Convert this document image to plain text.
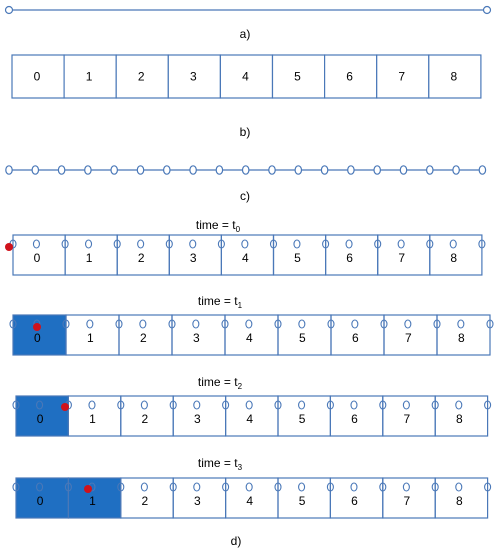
a)
0	1	2	3	4	5	6	7	8
b)
c)
time = $t_0$
0	1	2	3	4	5	6	7	8
time = $t_1$
0	1	2	3	4	5	6	7	8
time = $t_2$
0	1	2	3	4	5	6	7	8
time = $t_3$
0	1	2	3	4	5	6	7	8
d)
